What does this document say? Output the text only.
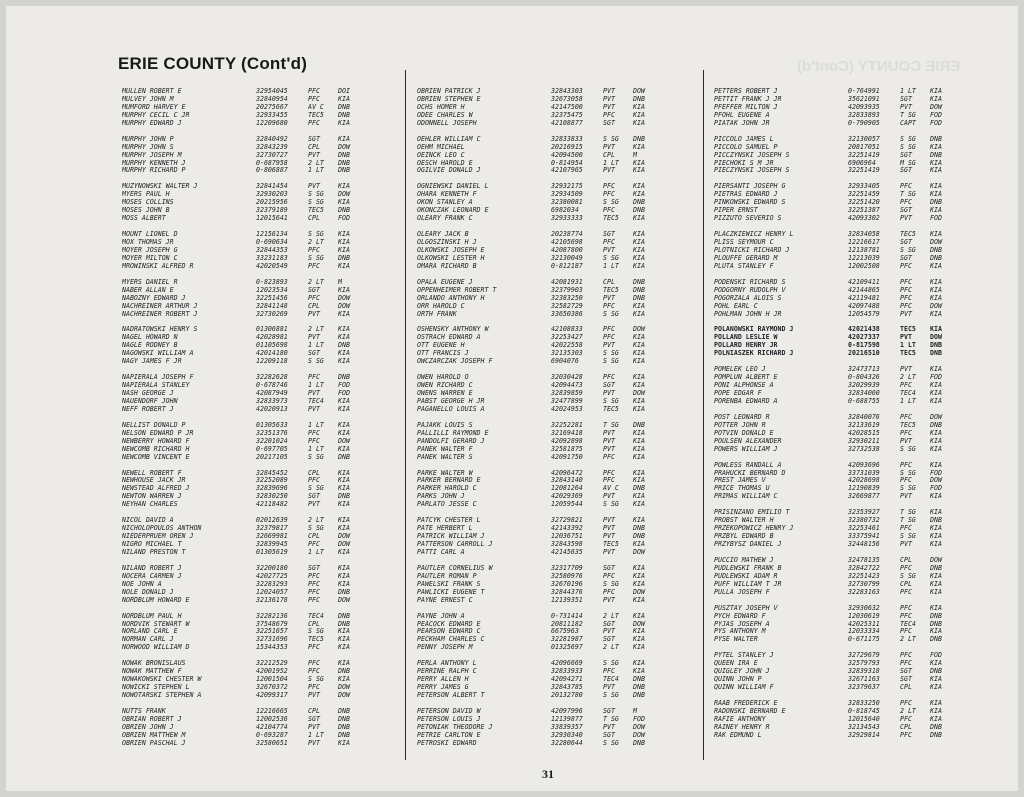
ERIE COUNTY (Cont'd)	ERIE COUNTY (Cont'd)
MULLEN ROBERT E	32954045	PFC	DOI
MULVEY JOHN M	32840954	PFC	KIA
MUMFORD HARVEY E	20275667	AV C	DNB
MURPHY CECIL C JR	32933455	TEC5	DNB
MURPHY EDWARD J	12209680	PFC	KIA
MURPHY JOHN P	32840492	SGT	KIA
MURPHY JOHN S	32843239	CPL	DOW
MURPHY JOSEPH M	32730727	PVT	DNB
MURPHY KENNETH J	0-687958	2 LT	DNB
MURPHY RICHARD P	0-806887	1 LT	DNB
MUZYNOWSKI WALTER J	32841454	PVT	KIA
MYERS PAUL H	32930203	S SG	DOW
MOSES COLLINS	20215956	S SG	KIA
MOSES JOHN B	32379189	TEC5	DNB
MOSS ALBERT	12015641	CPL	FOD
MOUNT LIONEL D	12156134	S SG	KIA
MOX THOMAS JR	0-690634	2 LT	KIA
MOYER JOSEPH G	32844353	PFC	KIA
MOYER MILTON C	33231183	S SG	DNB
MROWINSKI ALFRED R	42020549	PFC	KIA
MYERS DANIEL R	0-823893	2 LT	M
NABER ALLAN E	12023534	SGT	KIA
NABOZNY EDWARD J	32251456	PFC	DOW
NACHREINER ARTHUR J	32841148	CPL	DOW
NACHREINER ROBERT J	32730269	PVT	KIA
NADRATOWSKI HENRY S	01306881	2 LT	KIA
NAGEL HOWARD N	42028981	PVT	KIA
NAGLE RODNEY B	01105698	1 LT	DNB
NAGOWSKI WILLIAM A	42014180	SGT	KIA
NAGY JAMES F JR	12209118	S SG	KIA
NAPIERALA JOSEPH F	32282628	PFC	DNB
NAPIERALA STANLEY	0-678746	1 LT	FOD
NASH GEORGE J	42087949	PVT	FOD
NAUENDORF JOHN	32833973	TEC4	KIA
NEFF ROBERT J	42020913	PVT	KIA
NELLIST DONALD P	01305633	1 LT	KIA
NELSON EDWARD P JR	32351376	PFC	KIA
NEWBERRY HOWARD F	32201024	PFC	DOW
NEWCOMB RICHARD H	0-697705	1 LT	KIA
NEWCOMB VINCENT E	20217105	S SG	DNB
NEWELL ROBERT F	32845452	CPL	KIA
NEWHOUSE JACK JR	32252089	PFC	KIA
NEWSTEAD ALFRED J	32839696	S SG	KIA
NEWTON WARREN J	32830250	SGT	DNB
NEYHAN CHARLES	42118482	PVT	KIA
NICOL DAVID A	02012639	2 LT	KIA
NICHOLOPOULOS ANTHON	32379817	S SG	KIA
NIEDERPRUEM OREN J	32669981	CPL	DOW
NIGRO MICHAEL T	32839945	PFC	DOW
NILAND PRESTON T	01305619	1 LT	KIA
NILAND ROBERT J	32200180	SGT	KIA
NOCERA CARMEN J	42027725	PFC	KIA
NOE JOHN A	32283293	PFC	KIA
NOLE DONALD J	12024057	PFC	DNB
NORDBLUM HOWARD E	32136178	PFC	DOW
NORDBLUM PAUL H	32282136	TEC4	DNB
NORDVIK STEWART W	37548679	CPL	DNB
NORLAND CARL E	32251657	S SG	KIA
NORMAN CARL J	32731696	TEC5	KIA
NORWOOD WILLIAM D	15344353	PFC	KIA
NOWAK BRONISLAUS	32212529	PFC	KIA
NOWAK MATTHEW F	42001952	PFC	DNB
NOWAKOWSKI CHESTER W	12001504	S SG	KIA
NOWICKI STEPHEN L	32670372	PFC	DOW
NOWOTARSKI STEPHEN A	42099317	PVT	DOW
NUTTS FRANK	12216665	CPL	DNB
OBRIAN ROBERT J	12002536	SGT	DNB
OBRIEN JOHN J	42104774	PVT	DNB
OBRIEN MATTHEW M	0-693287	1 LT	DNB
OBRIEN PASCHAL J	32580651	PVT	KIA
OBRIEN PATRICK J	32843303	PVT	DOW
OBRIEN STEPHEN E	32673058	PVT	DNB
OCHS HOMER H	42147500	PVT	KIA
ODEE CHARLES W	32375475	PFC	KIA
ODONNELL JOSEPH	42108877	SGT	KIA
OEHLER WILLIAM C	32833833	S SG	DNB
OEHM MICHAEL	20216915	PVT	KIA
OEINCK LEO C	42094500	CPL	M
OESCH HAROLD E	0-814954	1 LT	KIA
OGILVIE DONALD J	42107965	PVT	KIA
OGNIEWSKI DANIEL L	32932175	PFC	KIA
OHARA KENNETH F	32934509	PFC	KIA
OKON STANLEY A	32380081	S SG	DNB
OKONCZAK LEONARD E	6982034	PFC	DNB
OLEARY FRANK C	32933333	TEC5	KIA
OLEARY JACK B	20238774	SGT	KIA
OLGOSZINSKI H J	42105698	PFC	KIA
OLKOWSKI JOSEPH E	42087800	PVT	KIA
OLKOWSKI LESTER H	32130049	S SG	KIA
OMARA RICHARD B	0-812187	1 LT	KIA
OPALA EUGENE J	42081931	CPL	DNB
OPPENHEIMER ROBERT T	32379903	TEC5	DNB
ORLANDO ANTHONY H	32383250	PVT	DNB
ORR HAROLD C	32582729	PFC	KIA
ORTH FRANK	33650386	S SG	KIA
OSHENSKY ANTHONY W	42108833	PFC	DOW
OSTRACH EDWARD A	32253427	PFC	KIA
OTT EUGENE H	42022558	PVT	KIA
OTT FRANCIS J	32135303	S SG	KIA
OWCZARCZAK JOSEPH F	6904076	S SG	KIA
OWEN HAROLD O	32030428	PFC	KIA
OWEN RICHARD C	42094473	SGT	KIA
OWENS WARREN E	32839859	PVT	DOW
PABST GEORGE H JR	32477899	S SG	KIA
PAGANELLO LOUIS A	42024953	TEC5	KIA
PAJAKK LOUIS S	32252281	T SG	DNB
PALLILLI RAYMOND E	32169418	PVT	KIA
PANDOLFI GERARD J	42092898	PVT	KIA
PANEK WALTER F	32581875	PVT	KIA
PANEK WALTER S	42091750	PFC	KIA
PARKE WALTER W	42096472	PFC	KIA
PARKER BERNARD E	32843140	PFC	KIA
PARKER HAROLD C	12081264	AV C	DNB
PARKS JOHN J	42029369	PVT	KIA
PARLATO JESSE C	12059544	S SG	KIA
PATCYK CHESTER L	32729821	PVT	KIA
PATE HERBERT L	42143392	PVT	DNB
PATRICK WILLIAM J	12036751	PVT	DNB
PATTERSON CARROLL J	32843598	TEC5	KIA
PATTI CARL A	42145635	PVT	DOW
PAUTLER CORNELIUS W	32317709	SGT	KIA
PAUTLER ROMAN P	32580976	PFC	KIA
PAWELSKI FRANK S	32670196	S SG	KIA
PAWLICKI EUGENE T	32844376	PFC	DOW
PAYNE ERNEST C	12139351	PVT	KIA
PAYNE JOHN A	0-731414	2 LT	KIA
PEACOCK EDWARD E	20811182	SGT	DOW
PEARSON EDWARD C	6675963	PVT	KIA
PECKHAM CHARLES C	32281987	SGT	KIA
PENNY JOSEPH M	01325697	2 LT	KIA
PERLA ANTHONY L	42096669	S SG	KIA
PERRINE RALPH C	32833933	PFC	KIA
PERRY ALLEN H	42094271	TEC4	DNB
PERRY JAMES G	32843785	PVT	DNB
PETERSON ALBERT T	20132780	S SG	DNB
PETERSON DAVID W	42097996	SGT	M
PETERSON LOUIS J	12139877	T SG	FOD
PETONIAK THEODORE J	33839357	PVT	DOW
PETRIE CARLTON E	32930340	SGT	DOW
PETROSKI EDWARD	32280644	S SG	DNB
PETTERS ROBERT J	0-764991	1 LT	KIA
PETTIT FRANK J JR	35621091	SGT	KIA
PFEFFER MILTON J	42093935	PVT	DOW
PFOHL EUGENE A	32833893	T SG	FOD
PIATAK JOHN JR	0-790905	CAPT	FOD
PICCOLO JAMES L	32130057	S SG	DNB
PICCOLO SAMUEL P	20817051	S SG	KIA
PICCZYNSKI JOSEPH S	32251419	SGT	DNB
PIECHOKI S M JR	6906964	M SG	KIA
PIECZYNSKI JOSEPH S	32251419	SGT	KIA
PIERSANTI JOSEPH G	32933405	PFC	KIA
PIETRAS EDWARD J	32251459	T SG	KIA
PINKOWSKI EDWARD S	32251420	PFC	DNB
PIPER ERNST	32251387	SGT	KIA
PIZZUTO SEVERIO S	42093302	PVT	FOD
PLACZKIEWICZ HENRY L	32834058	TEC5	KIA
PLISS SEYMOUR C	12216617	SGT	DOW
PLOTNICKI RICHARD J	12138781	S SG	DNB
PLOUFFE GERARD M	12213039	SGT	DNB
PLUTA STANLEY F	12002508	PFC	KIA
PODENSKI RICHARD S	42109411	PFC	KIA
PODGORNY RUDOLPH V	42144865	PFC	KIA
POGORZALA ALOIS S	42119481	PFC	KIA
POHL EARL C	42097488	PFC	DOW
POHLMAN JOHN H JR	12054579	PVT	KIA
POLANOWSKI RAYMOND J	42021438	TEC5	KIA
POLLAND LESLIE W	42027337	PVT	DOW
POLLARD HENRY JR	0-817598	1 LT	DNB
POLNIASZEK RICHARD J	20216510	TEC5	DNB
POMELEK LEO J	32473713	PVT	KIA
POMPLUN ALBERT E	0-804326	2 LT	FOD
PONI ALPHONSE A	32029939	PFC	KIA
POPE EDGAR F	32834060	TEC4	KIA
PORENBA EDWARD A	0-688755	1 LT	KIA
POST LEONARD R	32840076	PFC	DOW
POTTER JOHN R	32133619	TEC5	DNB
POTVIN DONALD E	42028515	PFC	KIA
POULSEN ALEXANDER	32930211	PVT	KIA
POWERS WILLIAM J	32732538	S SG	KIA
POWLESS RANDALL A	42093696	PFC	KIA
PRAHUCKI BERNARD D	33731039	S SG	FOD
PREST JAMES V	42028698	PFC	DOW
PRICE THOMAS U	12190839	S SG	FOD
PRIMAS WILLIAM C	32669877	PVT	KIA
PRISINZANO EMILIO T	32353927	T SG	KIA
PROBST WALTER H	32380732	T SG	DNB
PRZEKOPOWICZ HENRY J	32253461	PFC	KIA
PRZBYL EDWARD B	33375941	S SG	KIA
PRZYBYSZ DANIEL J	32448156	PVT	KIA
PUCCIO MATHEW J	32478135	CPL	DOW
PUDLEWSKI FRANK B	32842722	PFC	DNB
PUDLEWSKI ADAM R	32251423	S SG	KIA
PUFF WILLIAM T JR	32730799	CPL	KIA
PULLA JOSEPH F	32283163	PFC	KIA
PUSZTAY JOSEPH V	32930632	PFC	KIA
PYCH EDWARD F	12030619	PFC	DNB
PYJAS JOSEPH A	42025311	TEC4	DNB
PYS ANTHONY M	12033334	PFC	KIA
PYSE WALTER	0-671175	2 LT	DNB
PYTEL STANLEY J	32729679	PFC	FOD
QUEEN IRA E	32579793	PFC	KIA
QUIGLEY JOHN J	32839318	SGT	DNB
QUINN JOHN P	32671163	SGT	KIA
QUINN WILLIAM F	32379637	CPL	KIA
RAAB FREDERICK E	32833250	PFC	KIA
RADONSKI BERNARD E	0-818745	2 LT	KIA
RAFIE ANTHONY	12015640	PFC	KIA
RAINEY HENRY R	32134543	CPL	DNB
RAK EDMUND L	32929814	PFC	DNB
31
